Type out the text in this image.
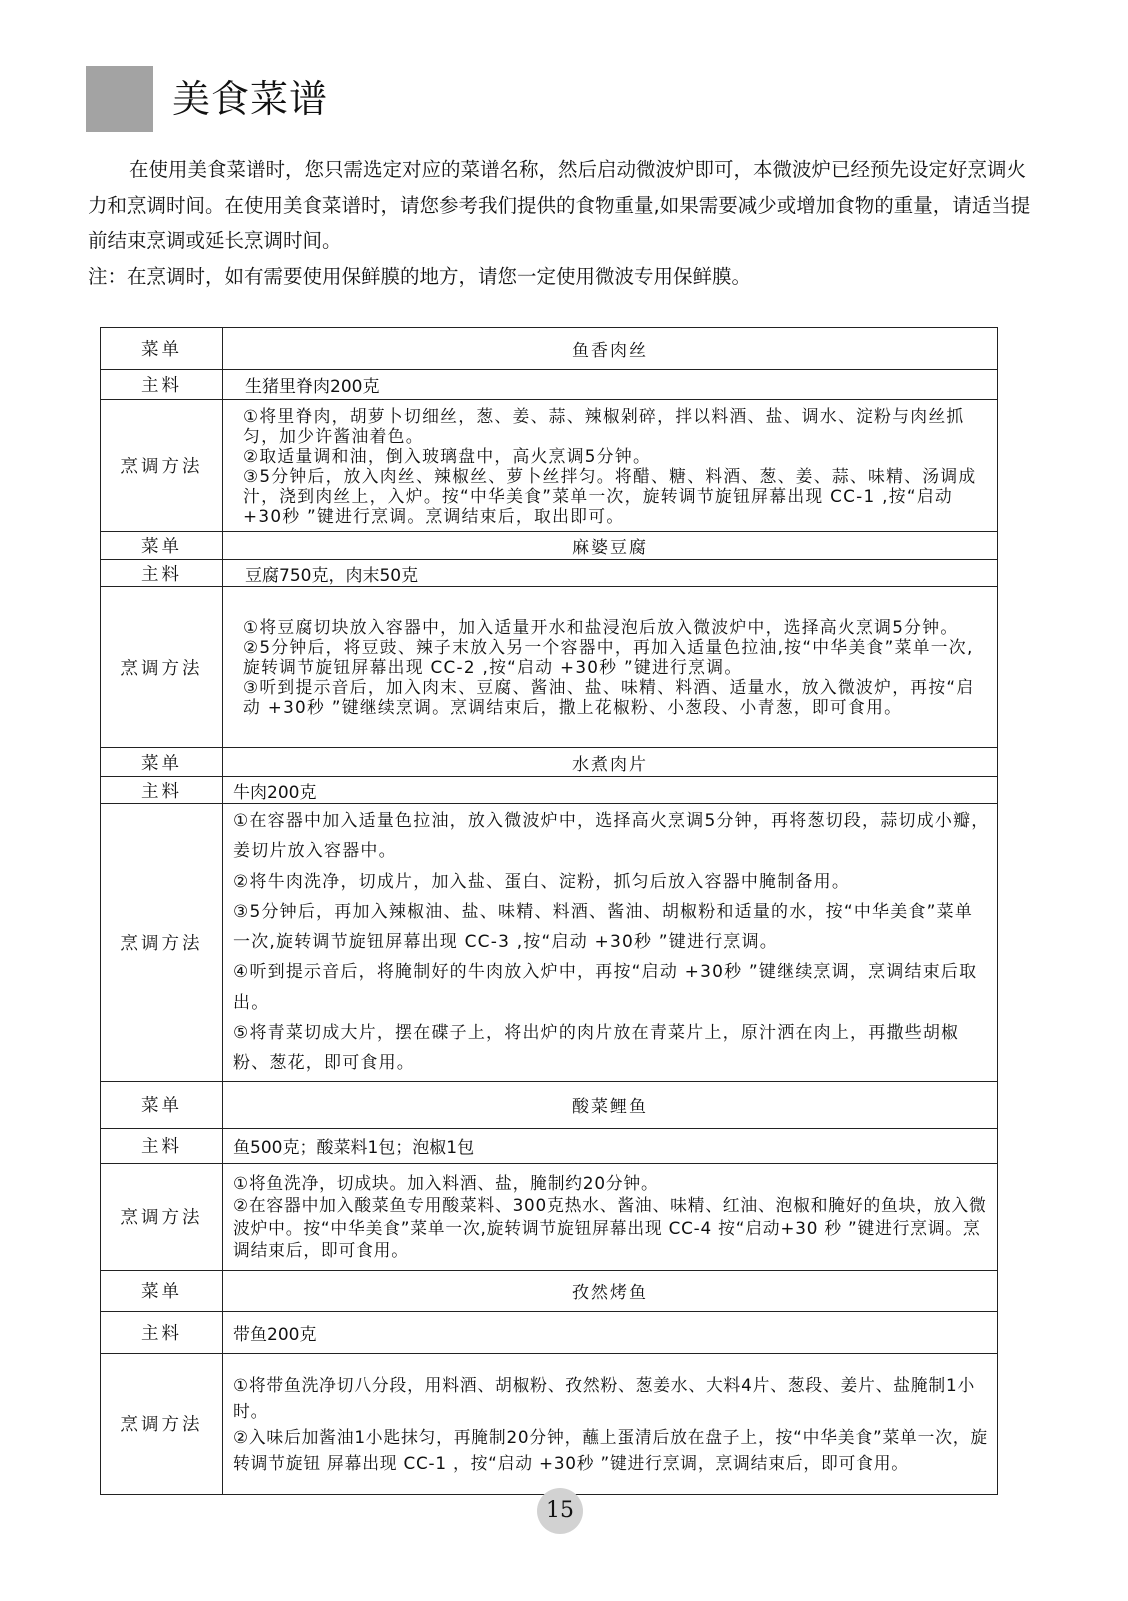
美食菜谱

在使用美食菜谱时，您只需选定对应的菜谱名称，然后启动微波炉即可，本微波炉已经预先设定好烹调火力和烹调时间。在使用美食菜谱时，请您参考我们提供的食物重量,如果需要减少或增加食物的重量，请适当提前结束烹调或延长烹调时间。

注：在烹调时，如有需要使用保鲜膜的地方，请您一定使用微波专用保鲜膜。

菜单	鱼香肉丝
主料	生猪里脊肉200克
烹调方法	①将里脊肉，胡萝卜切细丝，葱、姜、蒜、辣椒剁碎，拌以料酒、盐、调水、淀粉与肉丝抓匀，加少许酱油着色。
②取适量调和油，倒入玻璃盘中，高火烹调5分钟。
③5分钟后，放入肉丝、辣椒丝、萝卜丝拌匀。将醋、糖、料酒、葱、姜、蒜、味精、汤调成汁，浇到肉丝上，入炉。按“中华美食”菜单一次，旋转调节旋钮屏幕出现 CC-1 ,按“启动+30秒 ”键进行烹调。烹调结束后，取出即可。

菜单	麻婆豆腐
主料	豆腐750克，肉末50克
烹调方法	①将豆腐切块放入容器中，加入适量开水和盐浸泡后放入微波炉中，选择高火烹调5分钟。
②5分钟后，将豆豉、辣子末放入另一个容器中，再加入适量色拉油,按“中华美食”菜单一次,旋转调节旋钮屏幕出现 CC-2 ,按“启动 +30秒 ”键进行烹调。
③听到提示音后，加入肉末、豆腐、酱油、盐、味精、料酒、适量水，放入微波炉，再按“启动 +30秒 ”键继续烹调。烹调结束后，撒上花椒粉、小葱段、小青葱，即可食用。

菜单	水煮肉片
主料	牛肉200克
烹调方法	①在容器中加入适量色拉油，放入微波炉中，选择高火烹调5分钟，再将葱切段，蒜切成小瓣，姜切片放入容器中。
②将牛肉洗净，切成片，加入盐、蛋白、淀粉，抓匀后放入容器中腌制备用。
③5分钟后，再加入辣椒油、盐、味精、料酒、酱油、胡椒粉和适量的水，按“中华美食”菜单一次,旋转调节旋钮屏幕出现 CC-3 ,按“启动 +30秒 ”键进行烹调。
④听到提示音后，将腌制好的牛肉放入炉中，再按“启动 +30秒 ”键继续烹调，烹调结束后取出。
⑤将青菜切成大片，摆在碟子上，将出炉的肉片放在青菜片上，原汁洒在肉上，再撒些胡椒粉、葱花，即可食用。

菜单	酸菜鲤鱼
主料	鱼500克；酸菜料1包；泡椒1包
烹调方法	①将鱼洗净，切成块。加入料酒、盐，腌制约20分钟。
②在容器中加入酸菜鱼专用酸菜料、300克热水、酱油、味精、红油、泡椒和腌好的鱼块，放入微波炉中。按“中华美食”菜单一次,旋转调节旋钮屏幕出现 CC-4 按“启动+30 秒 ”键进行烹调。烹调结束后，即可食用。

菜单	孜然烤鱼
主料	带鱼200克
烹调方法	①将带鱼洗净切八分段，用料酒、胡椒粉、孜然粉、葱姜水、大料4片、葱段、姜片、盐腌制1小时。
②入味后加酱油1小匙抹匀，再腌制20分钟，蘸上蛋清后放在盘子上，按“中华美食”菜单一次，旋转调节旋钮 屏幕出现 CC-1 ，按“启动 +30秒 ”键进行烹调，烹调结束后，即可食用。
15
